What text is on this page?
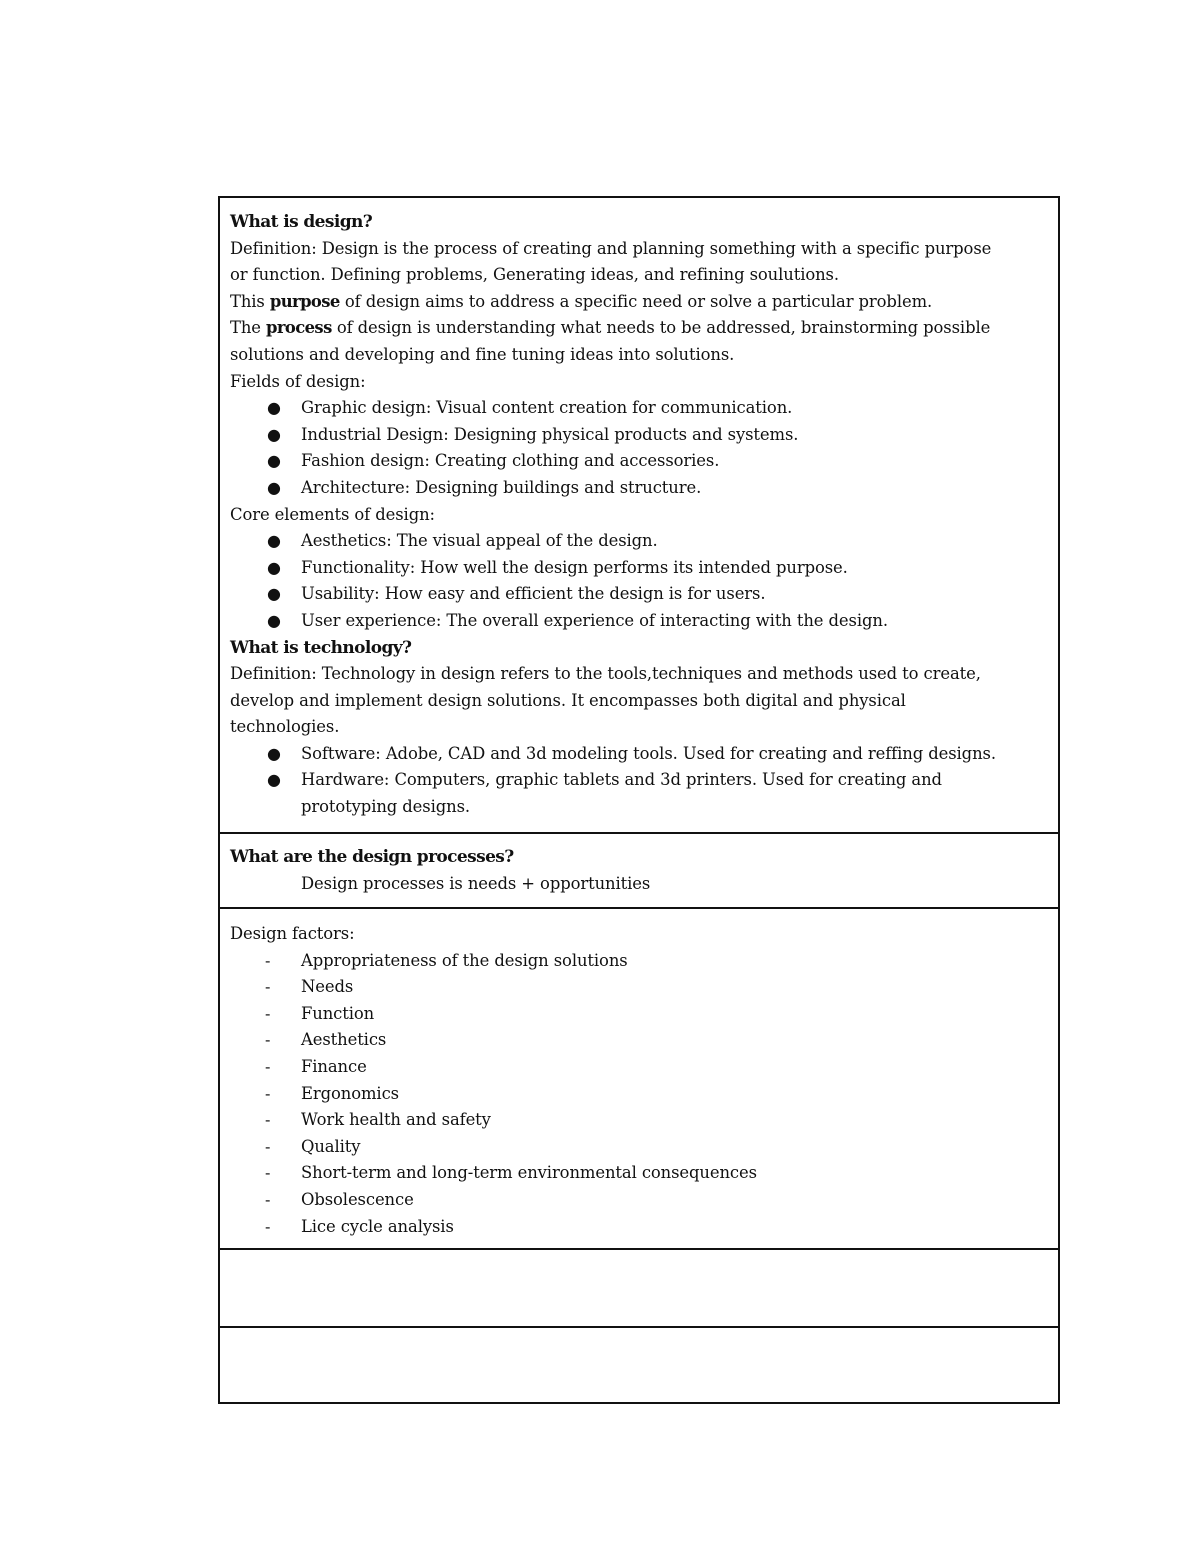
What is design?
Definition: Design is the process of creating and planning something with a specific purpose
or function. Defining problems, Generating ideas, and refining soulutions.
This purpose of design aims to address a specific need or solve a particular problem.
The process of design is understanding what needs to be addressed, brainstorming possible
solutions and developing and fine tuning ideas into solutions.
Fields of design:
● Graphic design: Visual content creation for communication.
● Industrial Design: Designing physical products and systems.
● Fashion design: Creating clothing and accessories.
● Architecture: Designing buildings and structure.
Core elements of design:
● Aesthetics: The visual appeal of the design.
● Functionality: How well the design performs its intended purpose.
● Usability: How easy and efficient the design is for users.
● User experience: The overall experience of interacting with the design.
What is technology?
Definition: Technology in design refers to the tools,techniques and methods used to create,
develop and implement design solutions. It encompasses both digital and physical
technologies.
● Software: Adobe, CAD and 3d modeling tools. Used for creating and reffing designs.
● Hardware: Computers, graphic tablets and 3d printers. Used for creating and
prototyping designs.
What are the design processes?
Design processes is needs + opportunities
Design factors:
- Appropriateness of the design solutions
- Needs
- Function
- Aesthetics
- Finance
- Ergonomics
- Work health and safety
- Quality
- Short-term and long-term environmental consequences
- Obsolescence
- Lice cycle analysis
